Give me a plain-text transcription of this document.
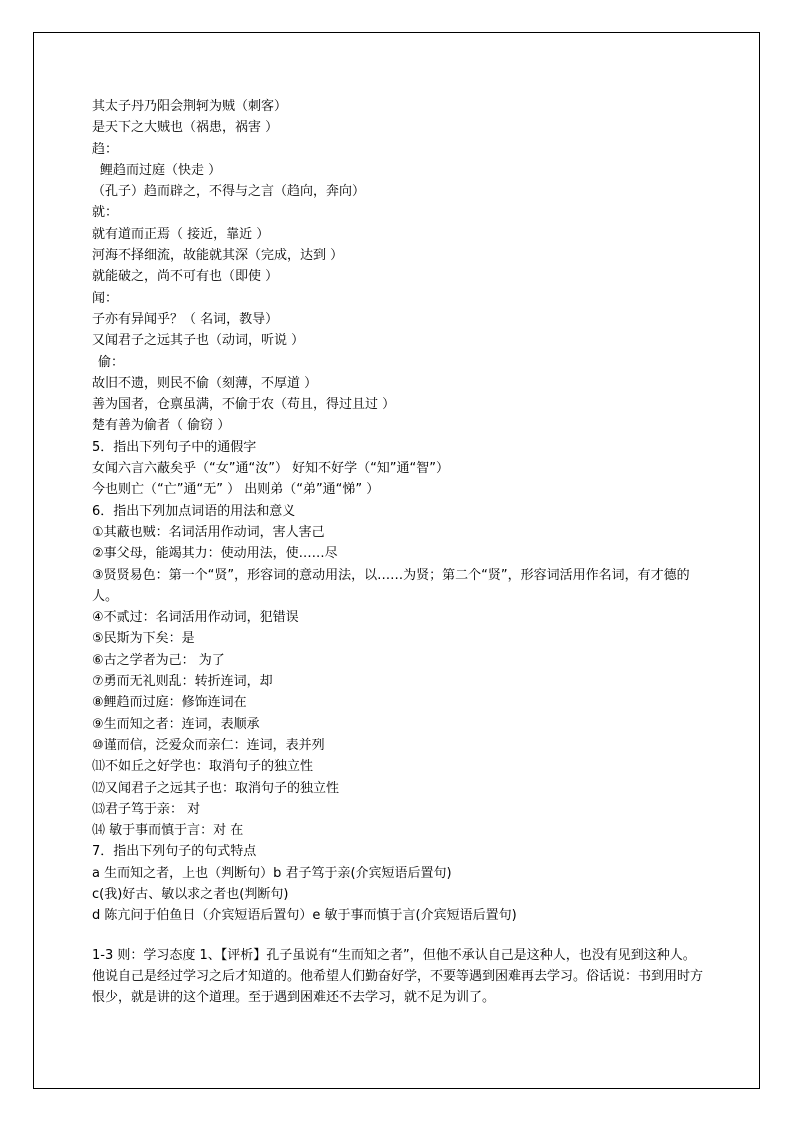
其太子丹乃阳会荆轲为贼（刺客）
是天下之大贼也（祸患，祸害 ）
趋：
鲤趋而过庭（快走 ）
（孔子）趋而辟之，不得与之言（趋向，奔向）
就：
就有道而正焉（ 接近，靠近 ）
河海不择细流，故能就其深（完成，达到 ）
就能破之，尚不可有也（即使 ）
闻：
子亦有异闻乎？（ 名词，教导）
又闻君子之远其子也（动词，听说 ）
偷：
故旧不遗，则民不偷（刻薄，不厚道 ）
善为国者，仓禀虽满，不偷于农（苟且，得过且过 ）
楚有善为偷者（ 偷窃 ）
5．指出下列句子中的通假字
女闻六言六蔽矣乎（“女”通“汝”） 好知不好学（“知”通“智”）
今也则亡（“亡”通“无” ） 出则弟（“弟”通“悌” ）
6．指出下列加点词语的用法和意义
①其蔽也贼：名词活用作动词，害人害己
②事父母，能竭其力：使动用法，使……尽
③贤贤易色：第一个“贤”，形容词的意动用法，以……为贤；第二个“贤”，形容词活用作名词，有才德的人。
④不贰过：名词活用作动词，犯错误
⑤民斯为下矣：是
⑥古之学者为己： 为了
⑦勇而无礼则乱：转折连词，却
⑧鲤趋而过庭：修饰连词在
⑨生而知之者：连词，表顺承
⑩谨而信，泛爱众而亲仁：连词，表并列
⑾不如丘之好学也：取消句子的独立性
⑿又闻君子之远其子也：取消句子的独立性
⒀君子笃于亲： 对
⒁ 敏于事而慎于言：对 在
7．指出下列句子的句式特点
a 生而知之者，上也（判断句）b 君子笃于亲(介宾短语后置句)
c(我)好古、敏以求之者也(判断句)
d 陈亢问于伯鱼日（介宾短语后置句）e 敏于事而慎于言(介宾短语后置句)
1-3 则：学习态度 1、【评析】孔子虽说有“生而知之者”，但他不承认自己是这种人，也没有见到这种人。他说自己是经过学习之后才知道的。他希望人们勤奋好学，不要等遇到困难再去学习。俗话说：书到用时方恨少，就是讲的这个道理。至于遇到困难还不去学习，就不足为训了。
